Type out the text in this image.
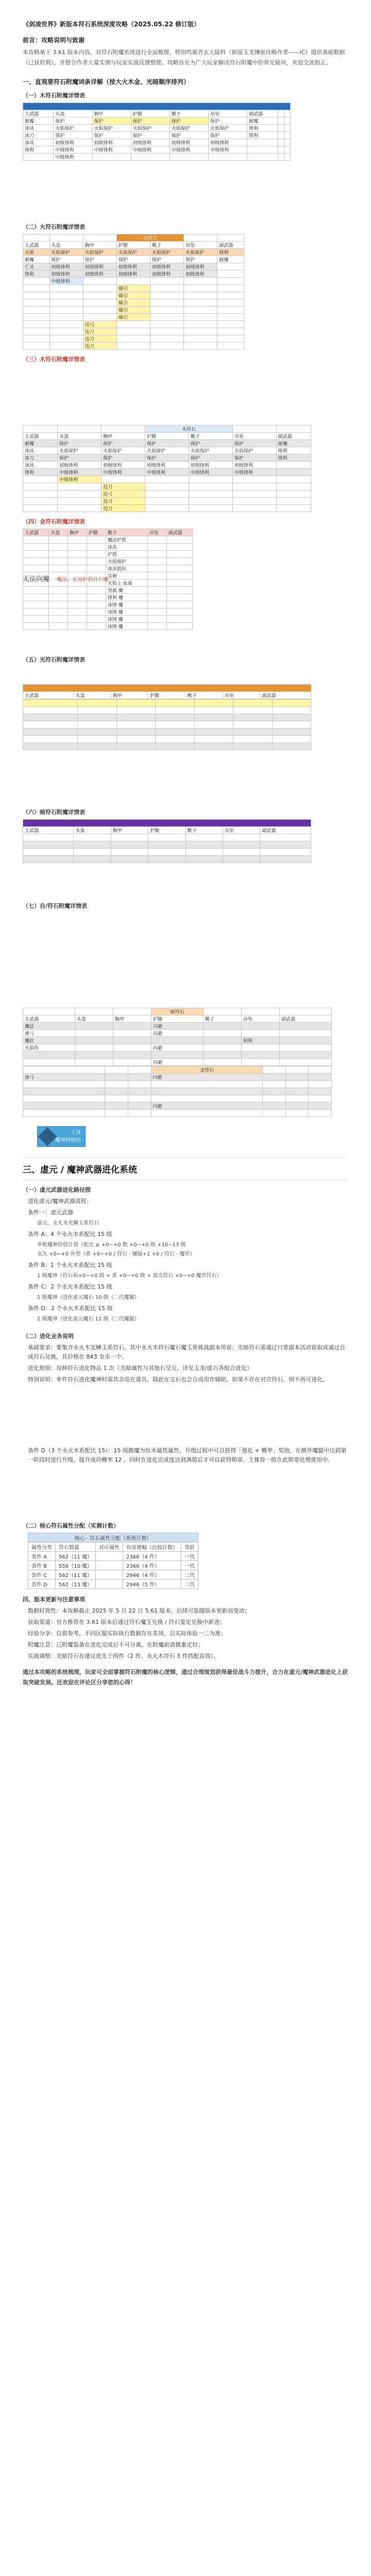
《剑凌世界》新版本符石系统深度攻略（2025.05.22 修订版）
前言：攻略说明与致谢
本攻略基于 3.61 版本内容，对符石附魔系统进行全面梳理，特别鸣谢青玄大陆科（新版玉龙镶嵌攻略作者——IC）提供基础数据（已获转载），并整合作者大量实测与玩家实战反馈整理。攻略旨在为广大玩家解决符石附魔中的常见疑问，欢迎交流指正。
一、直观要符石附魔词条详解（按大火木金、光暗顺序排列）
（一）木符石附魔详情表

主武器	头盔	胸甲	护腿	靴子	吊坠	副武器		
耐魔	保护	保护	保护	保护	保护	耐魔		
冰风	火焰保护	火焰保护	火焰保护	火焰保护	火焰保护	锋利		
冰刀	保护	保护	保护	保护	保护	锋利		
冰风	初级锋利	初级锋利	初级锋利	初级锋利	初级锋利			
锋利	中级锋利	中级锋利	中级锋利	中级锋利	中级锋利			
	中级锋利							
（二）火符石附魔详情表
			火符石			
主武器	头盔	胸甲	护腿	靴子	吊坠	副武器
火焰	火焰保护	火焰保护	火焰保护	火焰保护	火焰保护	锋利
耐魔	保护	保护	保护	保护	保护	耐魔
亡灵	初级锋利	初级锋利	初级锋利	初级锋利	初级锋利	
锋利	初级锋利	初级锋利	初级锋利	初级锋利	初级锋利	
	中级锋利					
			爆引			
			爆引			
			爆引			
			爆引			
			爆引			
		迅弓				
		迅刀				
		迅刀				
		迅刀				
（三）木符石附魔详情表
			木符石			
主武器	头盔	胸甲	护腿	靴子	吊坠	副武器
耐魔	保护	保护	保护	保护	保护	耐魔
冰风	火焰保护	火焰保护	火焰保护	火焰保护	火焰保护	锋利
冰刀	保护	保护	保护	保护	保护	锋利
冰风	初级锋利	初级锋利	初级锋利	初级锋利	初级锋利	
锋利	中级锋利	中级锋利	中级锋利	中级锋利	中级锋利	
	中级锋利					
		迅刀				
		迅弓				
		迅刀				
		迅刀				
（四）金符石附魔详情表
主武器	头盔	胸甲	护腿	靴子	吊坠	副武器
				魔法护盾		
				冰冻		
				护盾		
				火焰保护		
				冰冻抵抗		
				尖刺		
				火焰上 血量		
				坚毅 魔		
				锋利 魔		
				冰锋 魔		
				冰锋 魔		
				冰锋 魔		
				冰锋 魔		
无法向魔 魔法、无用护盾自石魔
（五）光符石附魔详情表

主武器	头盔	胸甲	护腿	靴子	吊坠	副武器

（六）暗符石附魔详情表

主武器	头盔	胸甲	护腿	靴子	吊坠	副武器

（七）自/符石附魔详情表
			暗符石			
主武器	头盔	胸甲	护腿	靴子	吊坠	副武器
魔法			闪避			
虚弓			闪避			
魔抗					钥锁	
火焰伤			闪避			

			闪避			
			金符石			
虚弓			闪避			

			闪避			

工具
魔神回核出
三、虚元 / 魔神武器进化系统
（一）虚元武器进化路径图
进化虚元/魔神武器流程：
条件一：虚元武器
虚元、永火木光鳞玉系符石
条件 A：4 个永火木系配比 15 级
单枪魔神价值计划（配比 ≥ +0~+0 数 +0~+0 级 +10~13 级
永久 +0~+0 外型（系 +0~+0 / 符石 · 嫌疑+1 +0 / 符石 · 魔世）
条件 B：1 个永火木系配比 15 级
1 级魔神（符石和+0~+0 级 + 系 +0~+0 级 + 盈光符石 +0~+0 魔世符石）
条件 C：2 个永火木系配比 15 级
1 级魔神（进化虚元魔石 10 级（二代魔腿）
条件 D：2 个永火木系配比 15 级
2 级魔神（进化虚元魔石 11 级（二代魔腿）
（二）进化业务说明
基础要求：要集齐永火木光鳞玉系符石，其中永火木符石魔石魔玉常挑战副本所获；光暗符石需通过日常副本活动获取或通过合成符石兑换，其价格在 843 金币一个。
进化规则：每种符石进化物品 1 次（光暗属性与其他石交互，详见玉龙/虚石各组合进化）
特别说明：单件符石进化魔神时需其余用在道具，除此在宝石也会合成用作辅助，如果不存在对应符石，则不再可进化。
条件 D（3 个永火木系配比 15）：15 级跑魔为钛木属性属性，升级过程中可以获得「强化 + 概率」奖励，在额外魔腿中达到第一阶段时进行升级，提升成功概率 12 ，同时在进化完成度达到满值后才可以获得勋章，主推荐一般在此勋章处理使用中。
（二）核心符石属性分配（实测计数）
核心 · 符石属性分配（系统计数）				
属性分类	符石数量	对应属性	伤害增幅（比较计数）	等阶
条件 A	562（11 魔）		2366（4 件）	一代
条件 B	556（10 魔）		2366（4 件）	一代
条件 C	562（11 魔）		2946（4 件）	二代
条件 D	562（13 魔）		2946（5 件）	二代
四、版本更新与注意事项
数据时效性：本攻略截止 2025 年 5 月 22 日 5.61 版本，后续可能随版本更新而变动；
获取渠道：官方推荐在 3.61 版本后通过符石魔玉兑换 / 符石鉴定兑换中新进；
经验分享：仅供参考，不同区服实际执行数据存在差异，以实际体验一二为准；
附魔注意：已附魔装备在进化完成后不可分离，在附魔前请慎重定好；
实战调整：光暗符石在建议优先于两件（2 件、永火木符石 3 件搭配高效）。
通过本攻略的系统梳理，玩家可全面掌握符石附魔的核心逻辑，通过合理规划获得最佳战斗力提升，合力在虚元/魔神武器进化上获取突破发展。还欢迎在评论区分享您的心得！
